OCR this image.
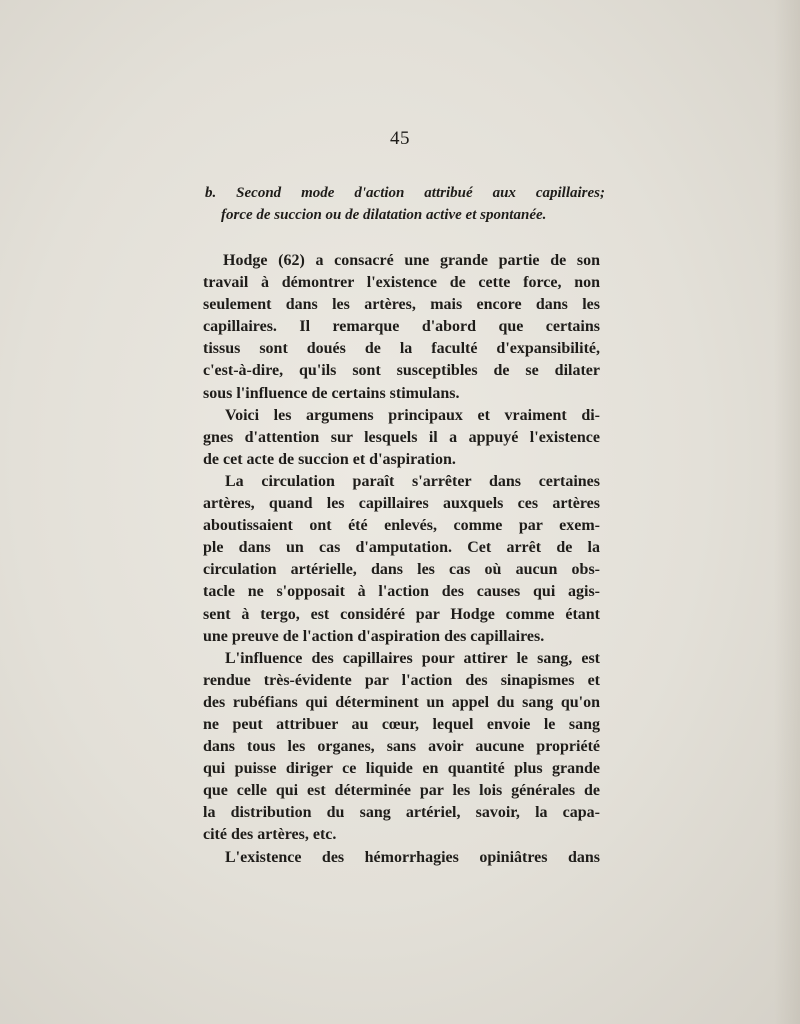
45
b. Second mode d'action attribué aux capillaires;
force de succion ou de dilatation active et spontanée.
Hodge (62) a consacré une grande partie de son
travail à démontrer l'existence de cette force, non
seulement dans les artères, mais encore dans les
capillaires. Il remarque d'abord que certains
tissus sont doués de la faculté d'expansibilité,
c'est-à-dire, qu'ils sont susceptibles de se dilater
sous l'influence de certains stimulans.
Voici les argumens principaux et vraiment di-
gnes d'attention sur lesquels il a appuyé l'existence
de cet acte de succion et d'aspiration.
La circulation paraît s'arrêter dans certaines
artères, quand les capillaires auxquels ces artères
aboutissaient ont été enlevés, comme par exem-
ple dans un cas d'amputation. Cet arrêt de la
circulation artérielle, dans les cas où aucun obs-
tacle ne s'opposait à l'action des causes qui agis-
sent à tergo, est considéré par Hodge comme étant
une preuve de l'action d'aspiration des capillaires.
L'influence des capillaires pour attirer le sang, est
rendue très-évidente par l'action des sinapismes et
des rubéfians qui déterminent un appel du sang qu'on
ne peut attribuer au cœur, lequel envoie le sang
dans tous les organes, sans avoir aucune propriété
qui puisse diriger ce liquide en quantité plus grande
que celle qui est déterminée par les lois générales de
la distribution du sang artériel, savoir, la capa-
cité des artères, etc.
L'existence des hémorrhagies opiniâtres dans
